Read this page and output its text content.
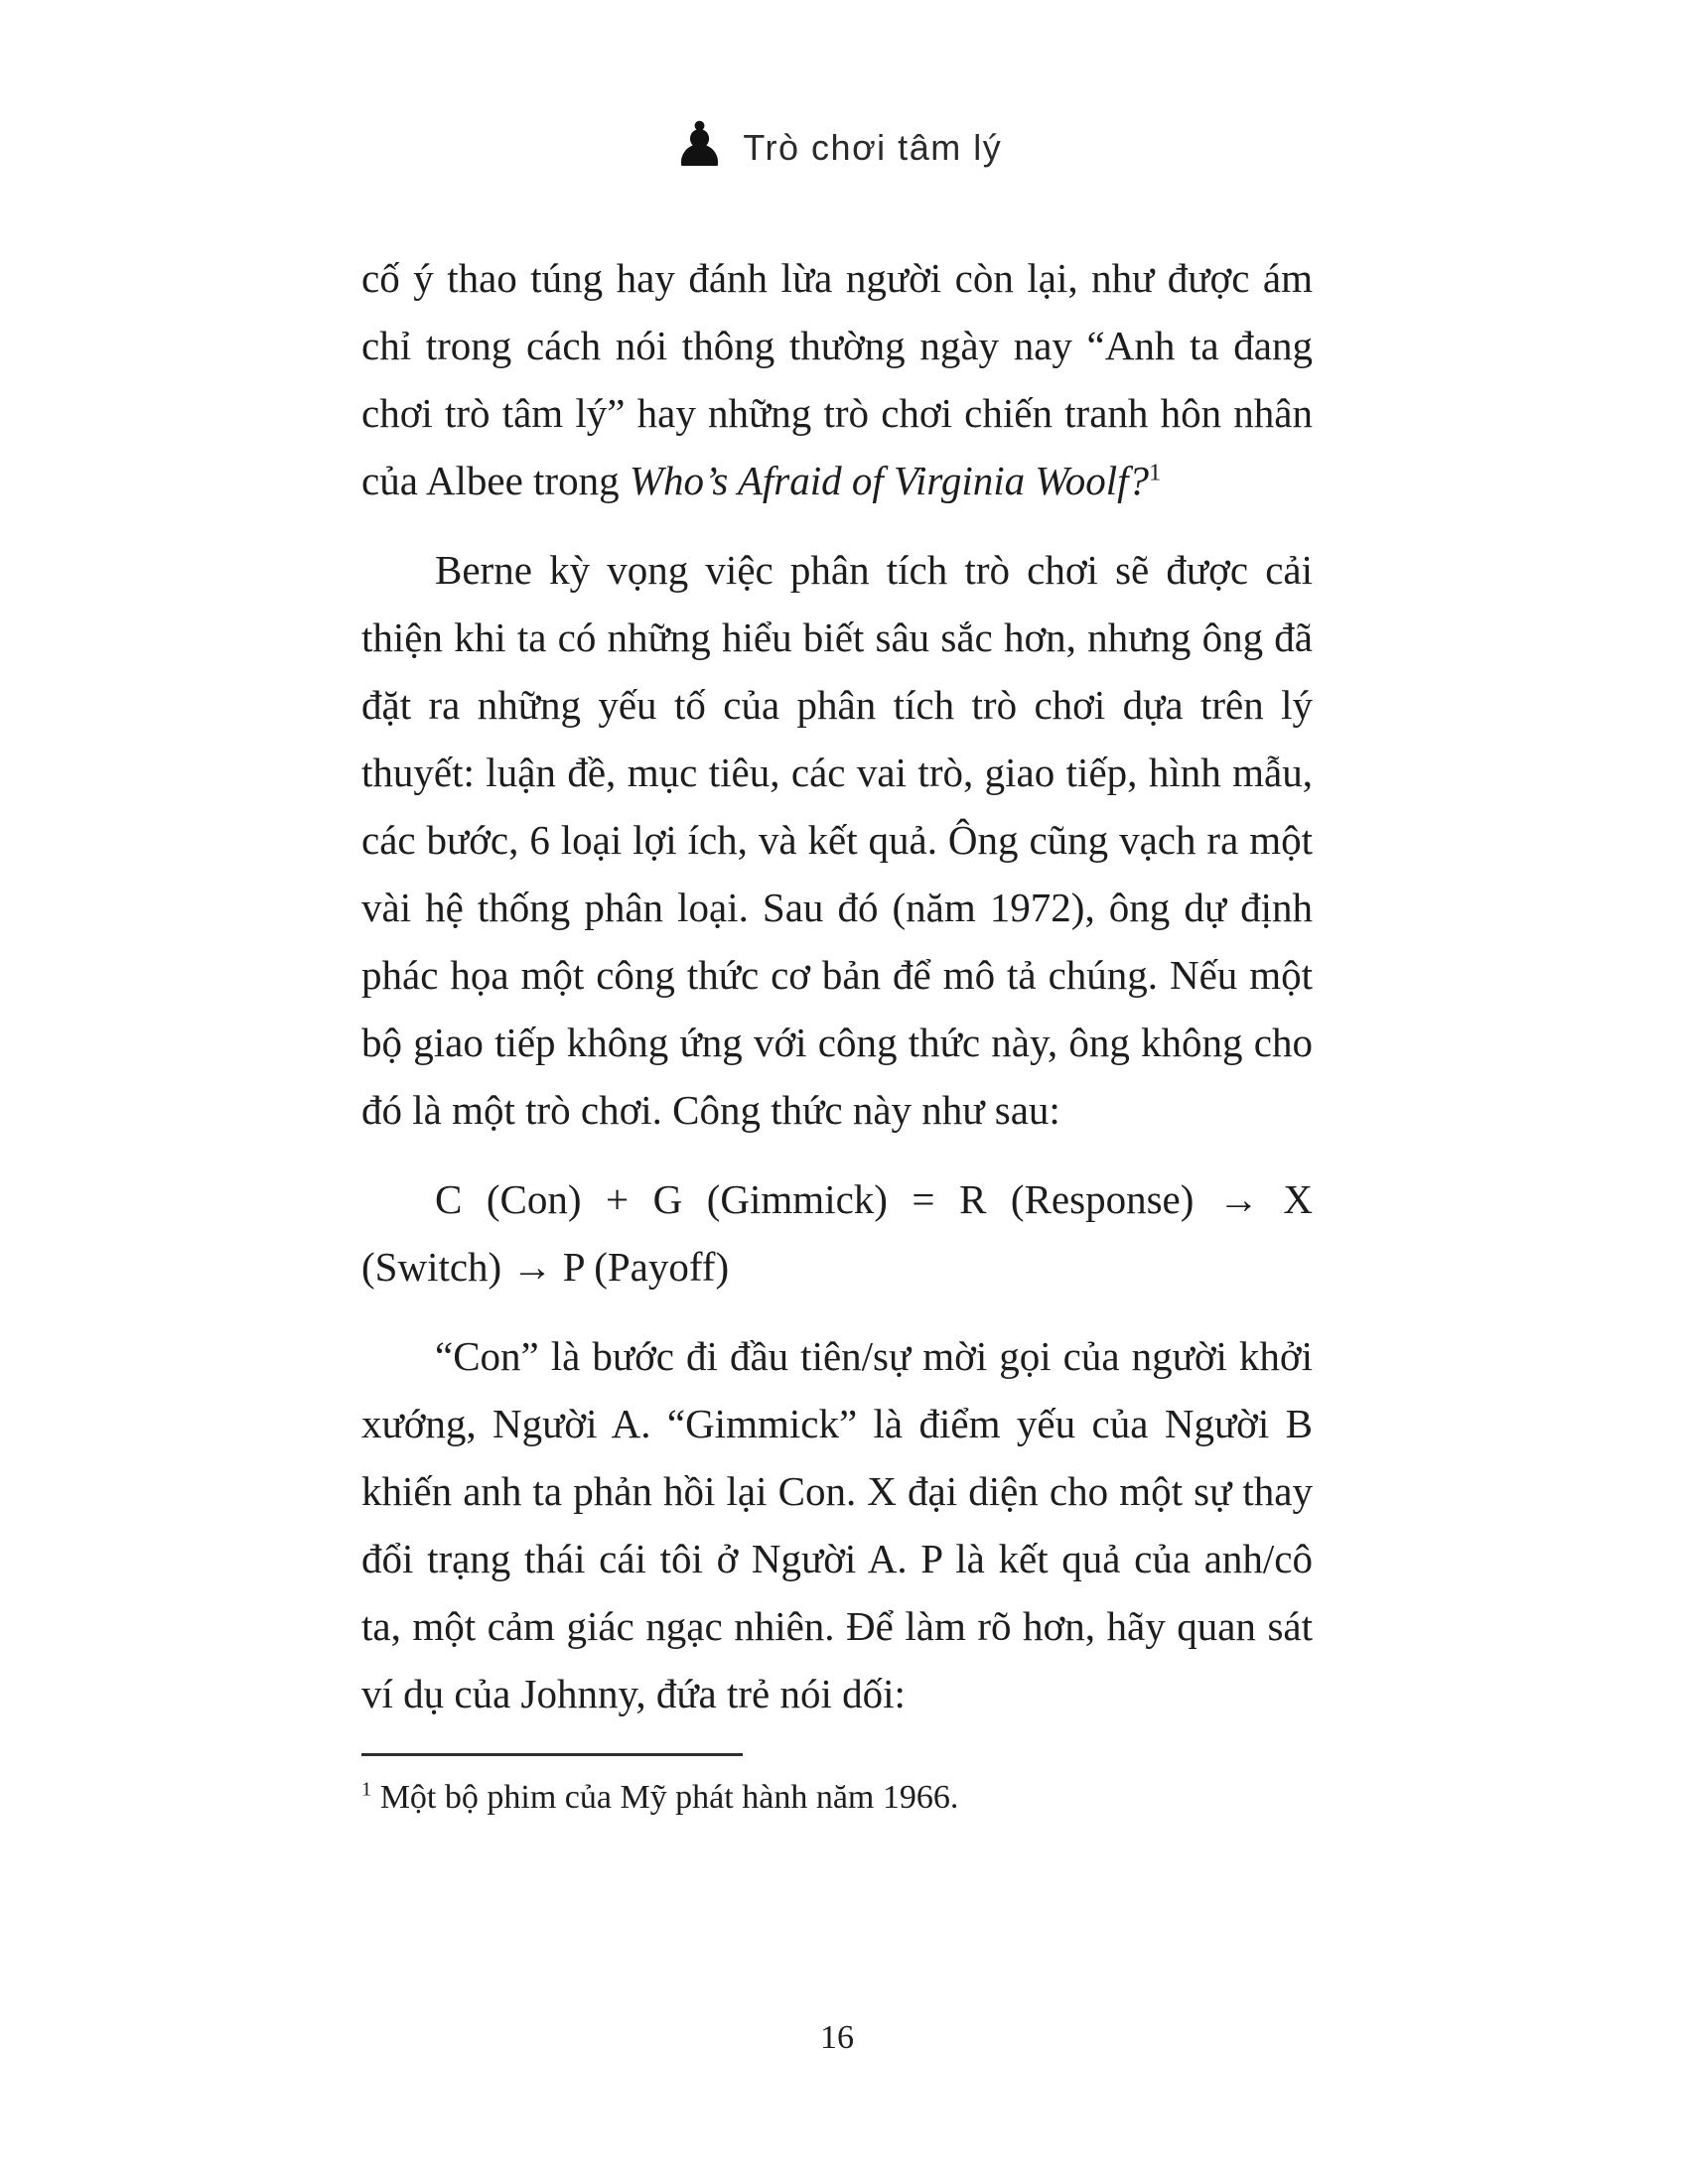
♟ Trò chơi tâm lý

cố ý thao túng hay đánh lừa người còn lại, như được ám chỉ trong cách nói thông thường ngày nay “Anh ta đang chơi trò tâm lý” hay những trò chơi chiến tranh hôn nhân của Albee trong Who’s Afraid of Virginia Woolf?$^1$

Berne kỳ vọng việc phân tích trò chơi sẽ được cải thiện khi ta có những hiểu biết sâu sắc hơn, nhưng ông đã đặt ra những yếu tố của phân tích trò chơi dựa trên lý thuyết: luận đề, mục tiêu, các vai trò, giao tiếp, hình mẫu, các bước, 6 loại lợi ích, và kết quả. Ông cũng vạch ra một vài hệ thống phân loại. Sau đó (năm 1972), ông dự định phác họa một công thức cơ bản để mô tả chúng. Nếu một bộ giao tiếp không ứng với công thức này, ông không cho đó là một trò chơi. Công thức này như sau:

C (Con) + G (Gimmick) = R (Response) → X (Switch) → P (Payoff)

“Con” là bước đi đầu tiên/sự mời gọi của người khởi xướng, Người A. “Gimmick” là điểm yếu của Người B khiến anh ta phản hồi lại Con. X đại diện cho một sự thay đổi trạng thái cái tôi ở Người A. P là kết quả của anh/cô ta, một cảm giác ngạc nhiên. Để làm rõ hơn, hãy quan sát ví dụ của Johnny, đứa trẻ nói dối:

$^1$ Một bộ phim của Mỹ phát hành năm 1966.

16
